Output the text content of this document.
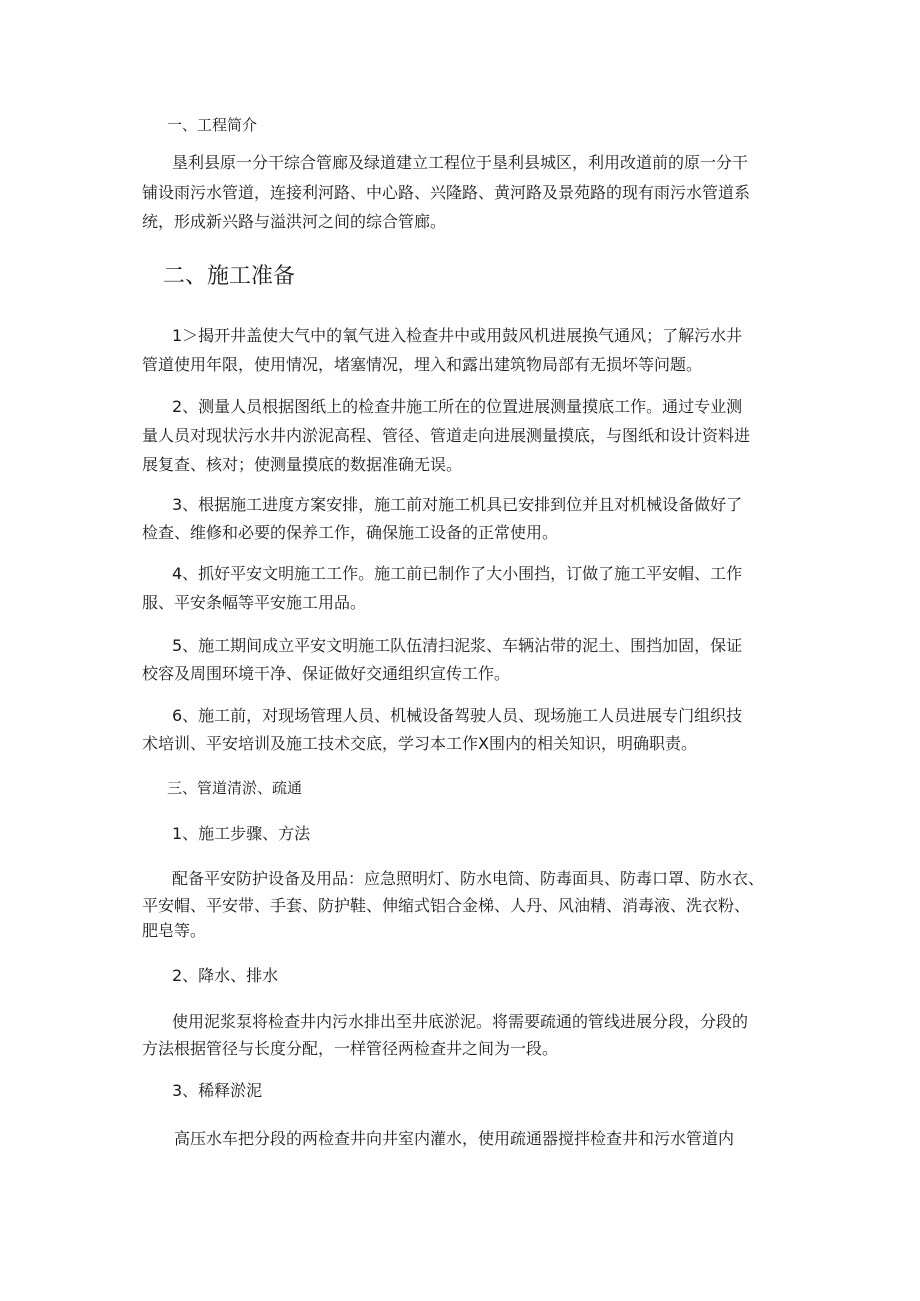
一、工程简介

垦利县原一分干综合管廊及绿道建立工程位于垦利县城区，利用改道前的原一分干

铺设雨污水管道，连接利河路、中心路、兴隆路、黄河路及景苑路的现有雨污水管道系

统，形成新兴路与溢洪河之间的综合管廊。

二、施工准备

1＞揭开井盖使大气中的氧气进入检查井中或用鼓风机进展换气通风；了解污水井

管道使用年限，使用情况，堵塞情况，埋入和露出建筑物局部有无损坏等问题。

2、测量人员根据图纸上的检查井施工所在的位置进展测量摸底工作。通过专业测

量人员对现状污水井内淤泥高程、管径、管道走向进展测量摸底，与图纸和设计资料进

展复查、核对；使测量摸底的数据准确无误。

3、根据施工进度方案安排，施工前对施工机具已安排到位并且对机械设备做好了

检查、维修和必要的保养工作，确保施工设备的正常使用。

4、抓好平安文明施工工作。施工前已制作了大小围挡，订做了施工平安帽、工作

服、平安条幅等平安施工用品。

5、施工期间成立平安文明施工队伍清扫泥浆、车辆沾带的泥土、围挡加固，保证

校容及周围环境干净、保证做好交通组织宣传工作。

6、施工前，对现场管理人员、机械设备驾驶人员、现场施工人员进展专门组织技

术培训、平安培训及施工技术交底，学习本工作X围内的相关知识，明确职责。

三、管道清淤、疏通

1、施工步骤、方法

配备平安防护设备及用品：应急照明灯、防水电筒、防毒面具、防毒口罩、防水衣、

平安帽、平安带、手套、防护鞋、伸缩式铝合金梯、人丹、风油精、消毒液、洗衣粉、

肥皂等。

2、降水、排水

使用泥浆泵将检查井内污水排出至井底淤泥。将需要疏通的管线进展分段，分段的

方法根据管径与长度分配，一样管径两检查井之间为一段。

3、稀释淤泥

高压水车把分段的两检查井向井室内灌水，使用疏通器搅拌检查井和污水管道内
